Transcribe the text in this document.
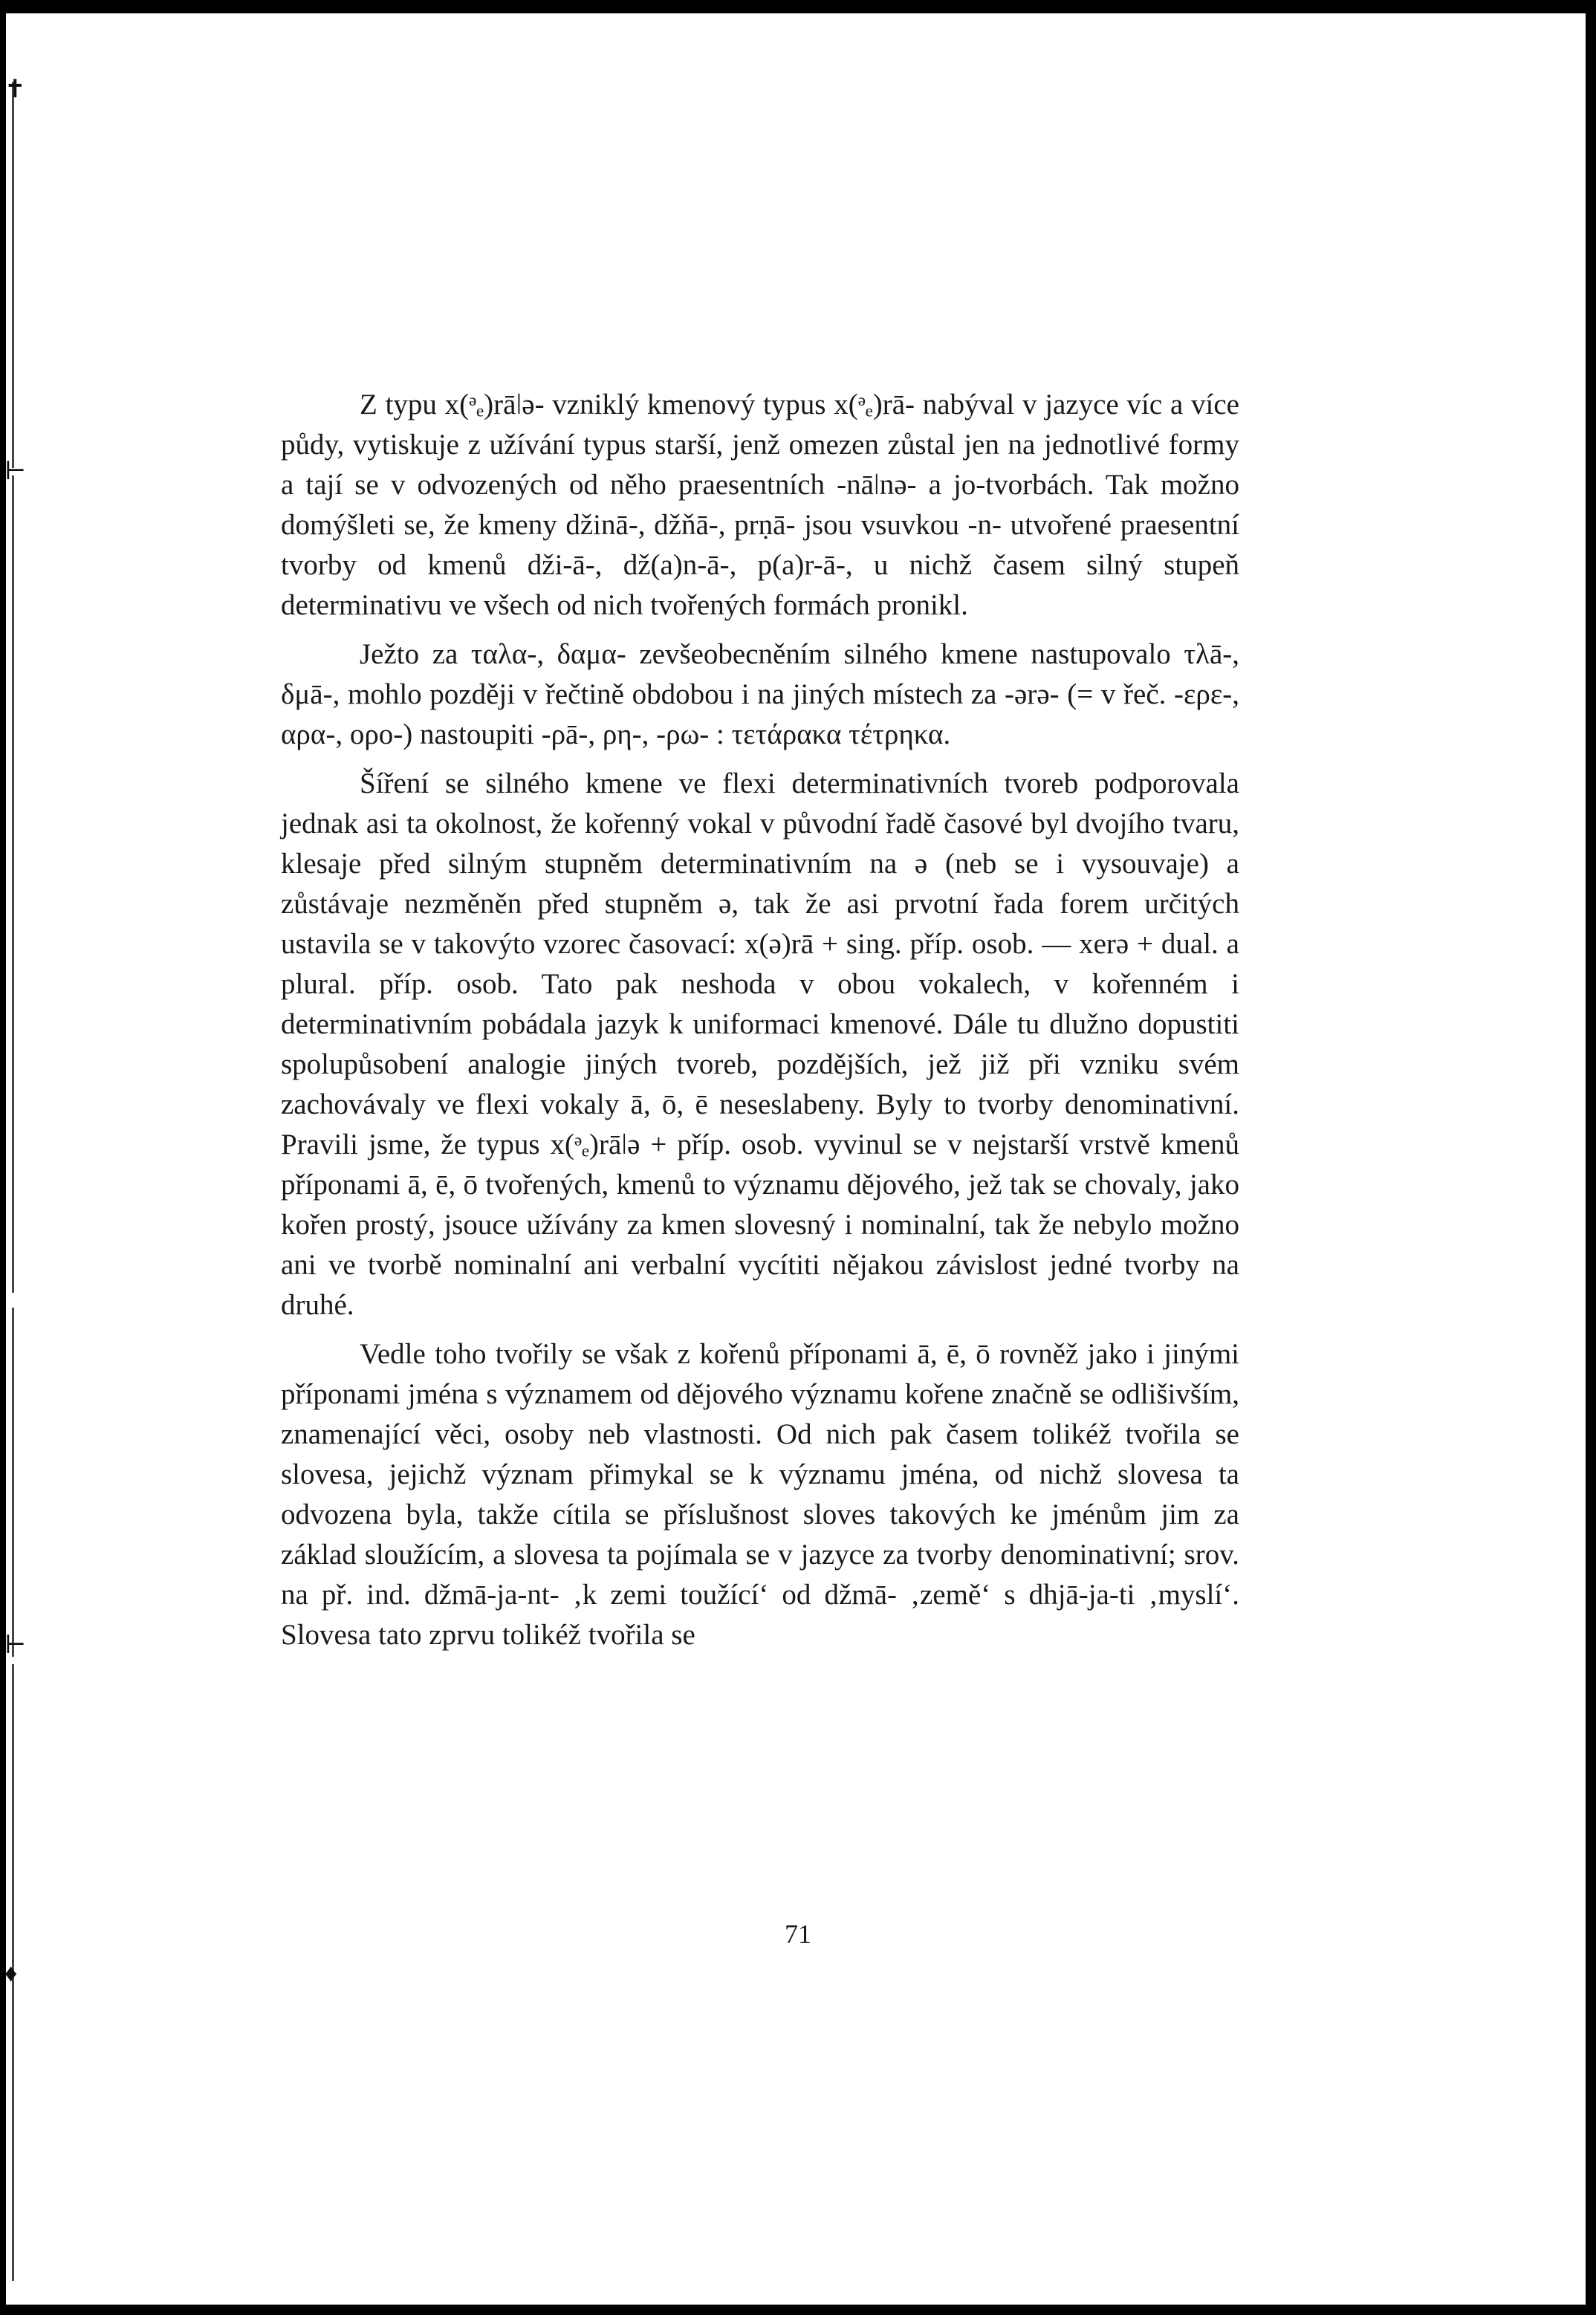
✝
⊢
⊢
♦

Z typu x(ᵊₑ)rāǀə- vzniklý kmenový typus x(ᵊₑ)rā- nabýval v jazyce víc a více půdy, vytiskuje z užívání typus starší, jenž omezen zůstal jen na jednotlivé formy a tají se v odvozených od něho praesentních -nāǀnə- a jo-tvorbách. Tak možno domýšleti se, že kmeny džinā-, džňā-, prṇā- jsou vsuvkou -n- utvořené praesentní tvorby od kmenů dži-ā-, dž(a)n-ā-, p(a)r-ā-, u nichž časem silný stupeň determinativu ve všech od nich tvořených formách pronikl.

Ježto za ταλα-, δαμα- zevšeobecněním silného kmene nastupovalo τλā-, δμā-, mohlo později v řečtině obdobou i na jiných místech za -ərə- (= v řeč. -ερε-, αρα-, ορο-) nastoupiti -ρā-, ρη-, -ρω- : τετάρακα τέτρηκα.

Šíření se silného kmene ve flexi determinativních tvoreb podporovala jednak asi ta okolnost, že kořenný vokal v původní řadě časové byl dvojího tvaru, klesaje před silným stupněm determinativním na ə (neb se i vysouvaje) a zůstávaje nezměněn před stupněm ə, tak že asi prvotní řada forem určitých ustavila se v takovýto vzorec časovací: x(ə)rā + sing. příp. osob. — xerə + dual. a plural. příp. osob. Tato pak neshoda v obou vokalech, v kořenném i determinativním pobádala jazyk k uniformaci kmenové. Dále tu dlužno dopustiti spolupůsobení analogie jiných tvoreb, pozdějších, jež již při vzniku svém zachovávaly ve flexi vokaly ā, ō, ē neseslabeny. Byly to tvorby denominativní. Pravili jsme, že typus x(ᵊₑ)rāǀə + příp. osob. vyvinul se v nejstarší vrstvě kmenů příponami ā, ē, ō tvořených, kmenů to významu dějového, jež tak se chovaly, jako kořen prostý, jsouce užívány za kmen slovesný i nominalní, tak že nebylo možno ani ve tvorbě nominalní ani verbalní vycítiti nějakou závislost jedné tvorby na druhé.

Vedle toho tvořily se však z kořenů příponami ā, ē, ō rovněž jako i jinými příponami jména s významem od dějového významu kořene značně se odlišivším, znamenající věci, osoby neb vlastnosti. Od nich pak časem tolikéž tvořila se slovesa, jejichž význam přimykal se k významu jména, od nichž slovesa ta odvozena byla, takže cítila se příslušnost sloves takových ke jménům jim za základ sloužícím, a slovesa ta pojímala se v jazyce za tvorby denominativní; srov. na př. ind. džmā-ja-nt- ‚k zemi toužící‘ od džmā- ‚země‘ s dhjā-ja-ti ‚myslí‘. Slovesa tato zprvu tolikéž tvořila se

71
